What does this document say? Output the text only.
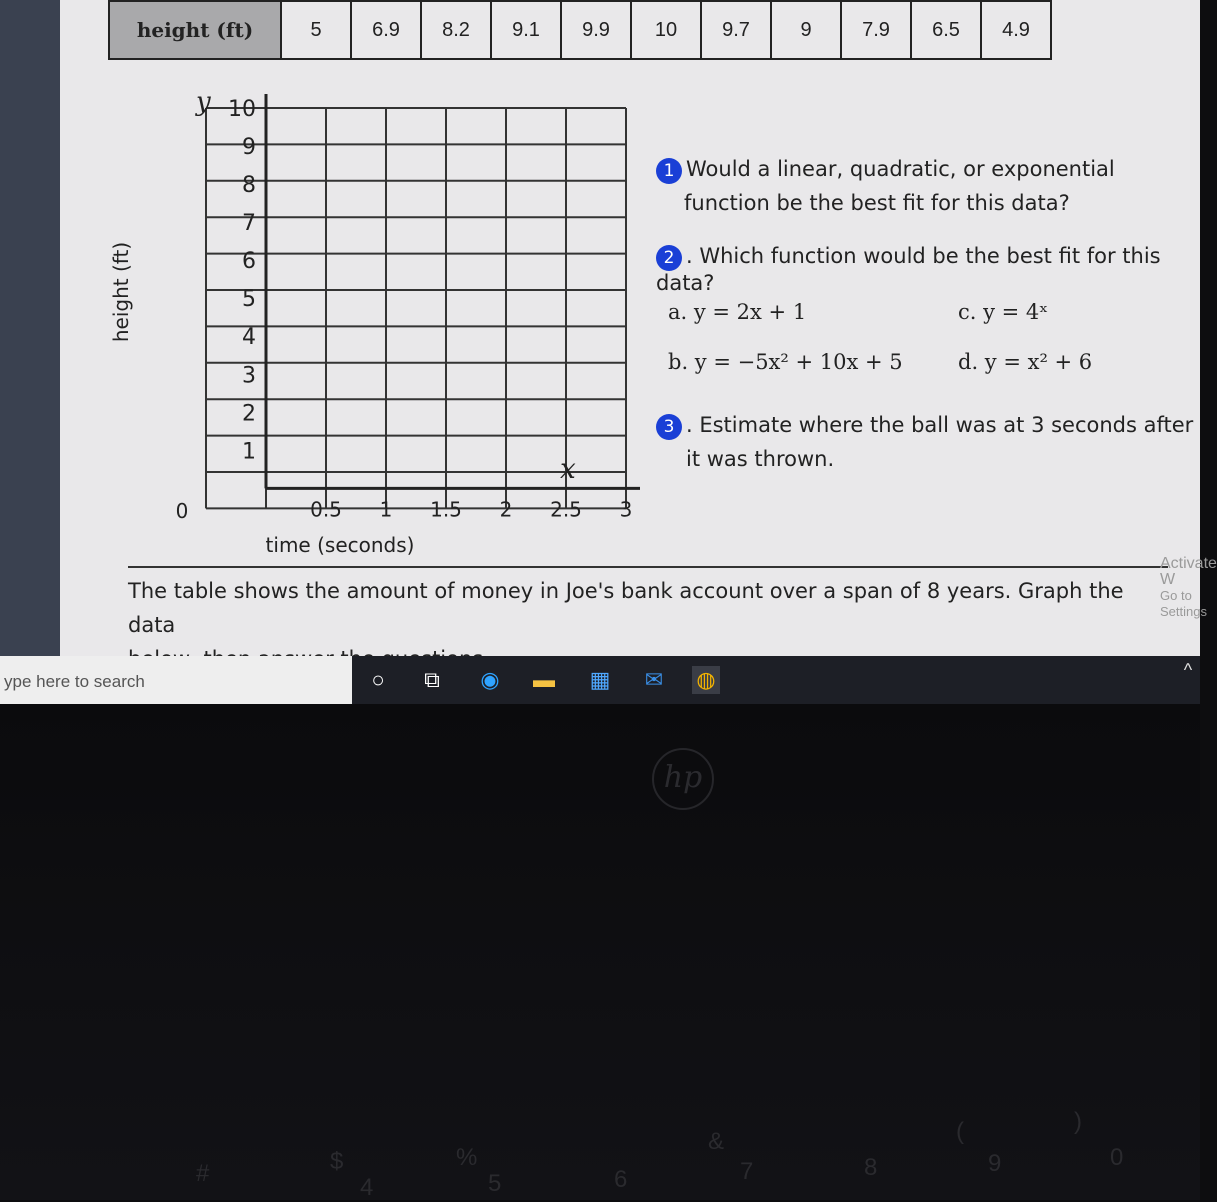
height (ft)	5	6.9	8.2	9.1	9.9	10	9.7	9	7.9	6.5	4.9
y
x
height (ft)
time (seconds)
0
1
2
3
4
5
6
7
8
9
10
0.5 1 1.5 2 2.5 3
1 Would a linear, quadratic, or exponential
function be the best fit for this data?
2 . Which function would be the best fit for this data?
a. y = 2x + 1	c. y = 4ˣ
b. y = −5x² + 10x + 5	d. y = x² + 6
3 . Estimate where the ball was at 3 seconds after
it was thrown.
The table shows the amount of money in Joe's bank account over a span of 8 years. Graph the data
Activate W
Go to Settings
ype here to search	○	⧉ ◉ ▬ ▦ ✉ ◍	^
$	%
&	(	)
#
4	5	6	7	8	9	0
hp
